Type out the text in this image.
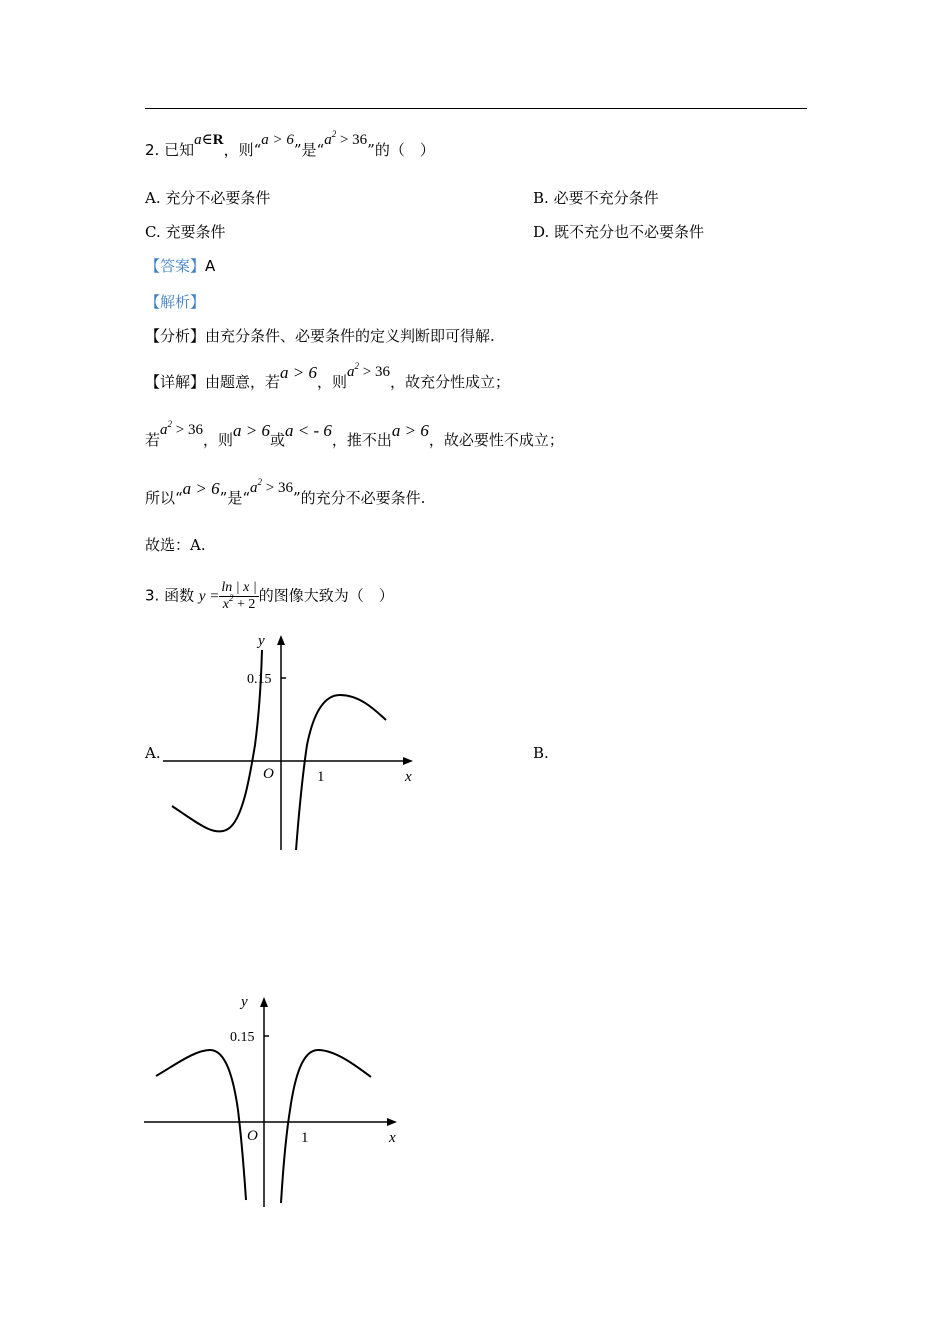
2. 已知a∈R，则“a > 6”是“$a^2 > 36$”的（　）
A. 充分不必要条件	B. 必要不充分条件
C. 充要条件	D. 既不充分也不必要条件
【答案】A
【解析】
【分析】由充分条件、必要条件的定义判断即可得解.
【详解】由题意，若a > 6，则$a^2 > 36$，故充分性成立；
若$a^2 > 36$，则a > 6或a < - 6，推不出a > 6，故必要性不成立；
所以“a > 6”是“$a^2 > 36$”的充分不必要条件.
故选：A.
3. 函数 $y = \frac{\ln | x |}{x^2 + 2}$ 的图像大致为（　）
A.	B.
y
0.15
O	1	x
y
0.15
O	1	x
